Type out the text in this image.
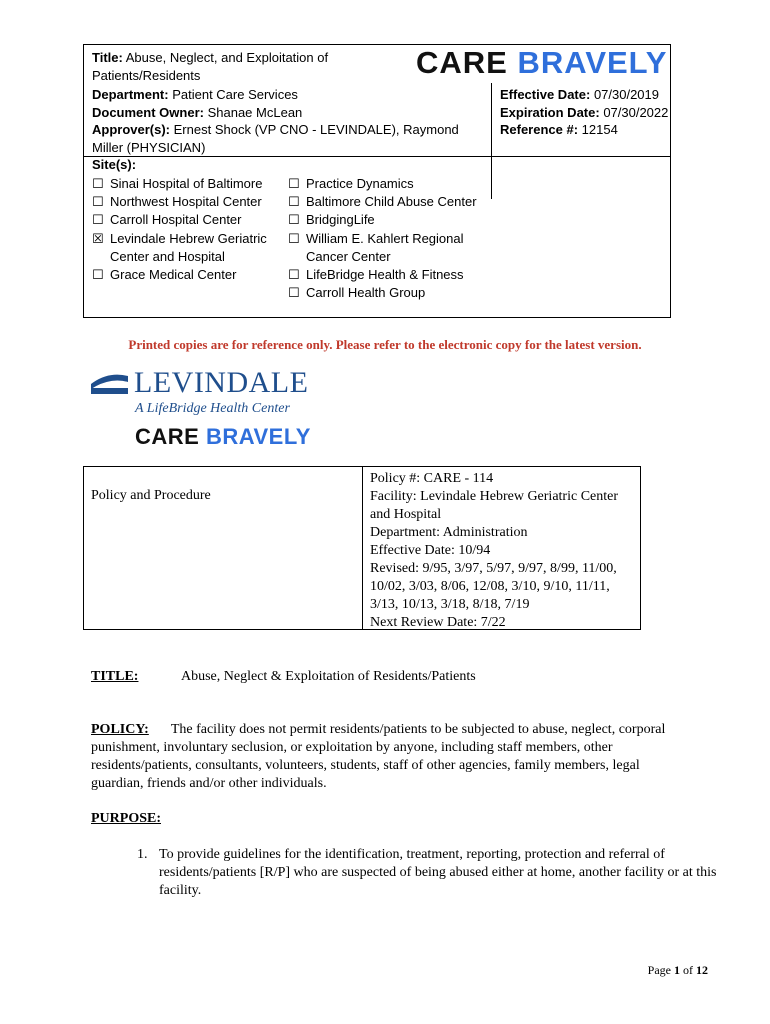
Title: Abuse, Neglect, and Exploitation of Patients/Residents	CARE BRAVELY
Department: Patient Care Services
Document Owner: Shanae McLean
Approver(s): Ernest Shock (VP CNO - LEVINDALE), Raymond Miller (PHYSICIAN)
Effective Date: 07/30/2019
Expiration Date: 07/30/2022
Reference #: 12154
Site(s):
☐ Sinai Hospital of Baltimore
☐ Northwest Hospital Center
☐ Carroll Hospital Center
☒ Levindale Hebrew Geriatric Center and Hospital
☐ Grace Medical Center
☐ Practice Dynamics
☐ Baltimore Child Abuse Center
☐ BridgingLife
☐ William E. Kahlert Regional Cancer Center
☐ LifeBridge Health & Fitness
☐ Carroll Health Group
Printed copies are for reference only. Please refer to the electronic copy for the latest version.
LEVINDALE
A LifeBridge Health Center
CARE BRAVELY
Policy and Procedure
Policy #: CARE - 114
Facility: Levindale Hebrew Geriatric Center and Hospital
Department: Administration
Effective Date: 10/94
Revised: 9/95, 3/97, 5/97, 9/97, 8/99, 11/00, 10/02, 3/03, 8/06, 12/08, 3/10, 9/10, 11/11, 3/13, 10/13, 3/18, 8/18, 7/19
Next Review Date: 7/22
TITLE:	Abuse, Neglect & Exploitation of Residents/Patients
POLICY: The facility does not permit residents/patients to be subjected to abuse, neglect, corporal punishment, involuntary seclusion, or exploitation by anyone, including staff members, other residents/patients, consultants, volunteers, students, staff of other agencies, family members, legal guardian, friends and/or other individuals.
PURPOSE:
1. To provide guidelines for the identification, treatment, reporting, protection and referral of residents/patients [R/P] who are suspected of being abused either at home, another facility or at this facility.
Page 1 of 12
